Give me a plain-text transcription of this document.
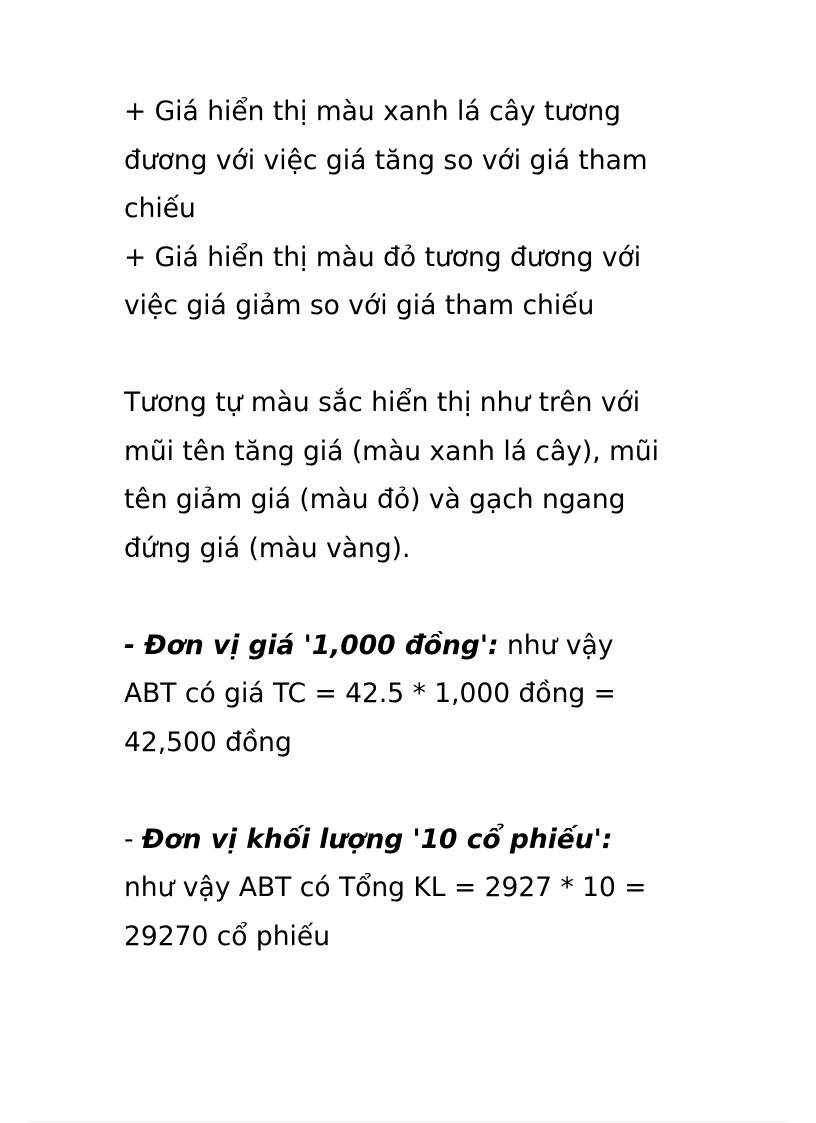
+ Giá hiển thị màu xanh lá cây tương
đương với việc giá tăng so với giá tham
chiếu
+ Giá hiển thị màu đỏ tương đương với
việc giá giảm so với giá tham chiếu
Tương tự màu sắc hiển thị như trên với
mũi tên tăng giá (màu xanh lá cây), mũi
tên giảm giá (màu đỏ) và gạch ngang
đứng giá (màu vàng).
- Đơn vị giá '1,000 đồng': như vậy
ABT có giá TC = 42.5 * 1,000 đồng =
42,500 đồng
- Đơn vị khối lượng '10 cổ phiếu':
như vậy ABT có Tổng KL = 2927 * 10 =
29270 cổ phiếu
